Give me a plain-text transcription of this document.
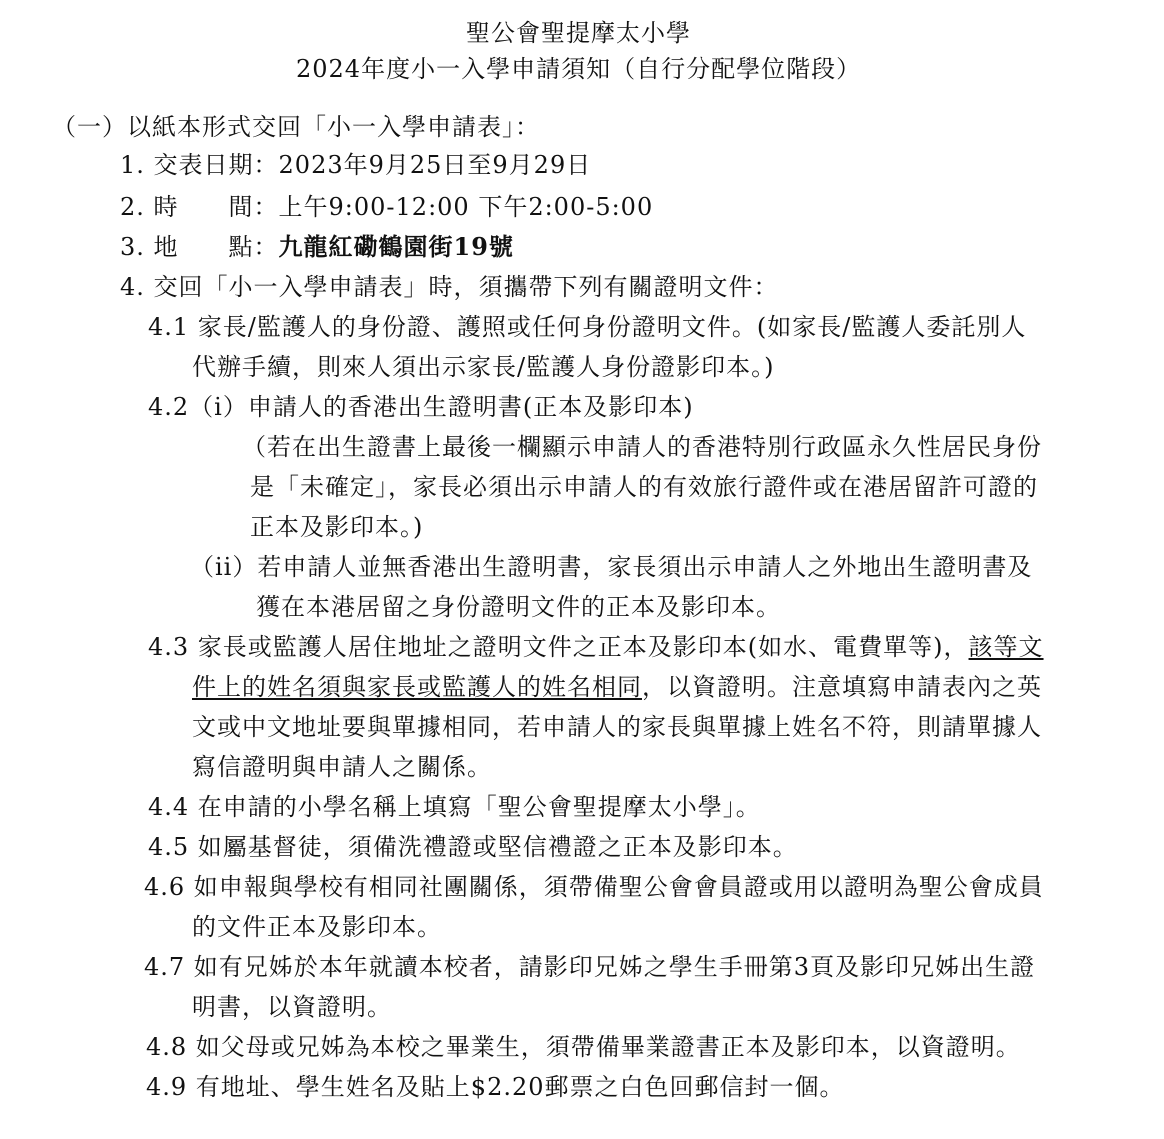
聖公會聖提摩太小學
2024年度小一入學申請須知（自行分配學位階段）
（一）以紙本形式交回「小一入學申請表」：
1. 交表日期：2023年9月25日至9月29日
2. 時　　間：上午9:00-12:00 下午2:00-5:00
3. 地　　點：九龍紅磡鶴園街19號
4. 交回「小一入學申請表」時，須攜帶下列有關證明文件：
4.1 家長/監護人的身份證、護照或任何身份證明文件。(如家長/監護人委託別人
代辦手續，則來人須出示家長/監護人身份證影印本。)
4.2（i）申請人的香港出生證明書(正本及影印本)
（若在出生證書上最後一欄顯示申請人的香港特別行政區永久性居民身份
是「未確定」，家長必須出示申請人的有效旅行證件或在港居留許可證的
正本及影印本。)
（ii）若申請人並無香港出生證明書，家長須出示申請人之外地出生證明書及
獲在本港居留之身份證明文件的正本及影印本。
4.3 家長或監護人居住地址之證明文件之正本及影印本(如水、電費單等)，該等文
件上的姓名須與家長或監護人的姓名相同，以資證明。注意填寫申請表內之英
文或中文地址要與單據相同，若申請人的家長與單據上姓名不符，則請單據人
寫信證明與申請人之關係。
4.4 在申請的小學名稱上填寫「聖公會聖提摩太小學」。
4.5 如屬基督徒，須備洗禮證或堅信禮證之正本及影印本。
4.6 如申報與學校有相同社團關係，須帶備聖公會會員證或用以證明為聖公會成員
的文件正本及影印本。
4.7 如有兄姊於本年就讀本校者，請影印兄姊之學生手冊第3頁及影印兄姊出生證
明書，以資證明。
4.8 如父母或兄姊為本校之畢業生，須帶備畢業證書正本及影印本，以資證明。
4.9 有地址、學生姓名及貼上$2.20郵票之白色回郵信封一個。
